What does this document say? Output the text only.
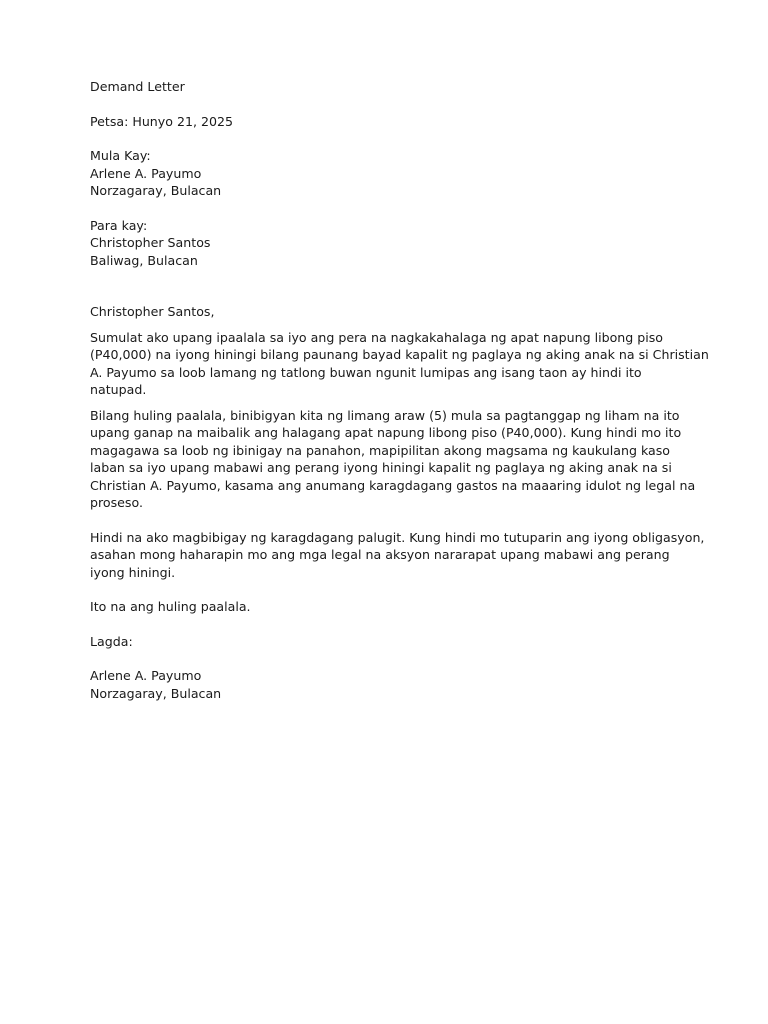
Demand Letter
Petsa: Hunyo 21, 2025
Mula Kay:
Arlene A. Payumo
Norzagaray, Bulacan
Para kay:
Christopher Santos
Baliwag, Bulacan
Christopher Santos,
Sumulat ako upang ipaalala sa iyo ang pera na nagkakahalaga ng apat napung libong piso
(P40,000) na iyong hiningi bilang paunang bayad kapalit ng paglaya ng aking anak na si Christian
A. Payumo sa loob lamang ng tatlong buwan ngunit lumipas ang isang taon ay hindi ito
natupad.
Bilang huling paalala, binibigyan kita ng limang araw (5) mula sa pagtanggap ng liham na ito
upang ganap na maibalik ang halagang apat napung libong piso (P40,000). Kung hindi mo ito
magagawa sa loob ng ibinigay na panahon, mapipilitan akong magsama ng kaukulang kaso
laban sa iyo upang mabawi ang perang iyong hiningi kapalit ng paglaya ng aking anak na si
Christian A. Payumo, kasama ang anumang karagdagang gastos na maaaring idulot ng legal na
proseso.
Hindi na ako magbibigay ng karagdagang palugit. Kung hindi mo tutuparin ang iyong obligasyon,
asahan mong haharapin mo ang mga legal na aksyon nararapat upang mabawi ang perang
iyong hiningi.
Ito na ang huling paalala.
Lagda:
Arlene A. Payumo
Norzagaray, Bulacan
